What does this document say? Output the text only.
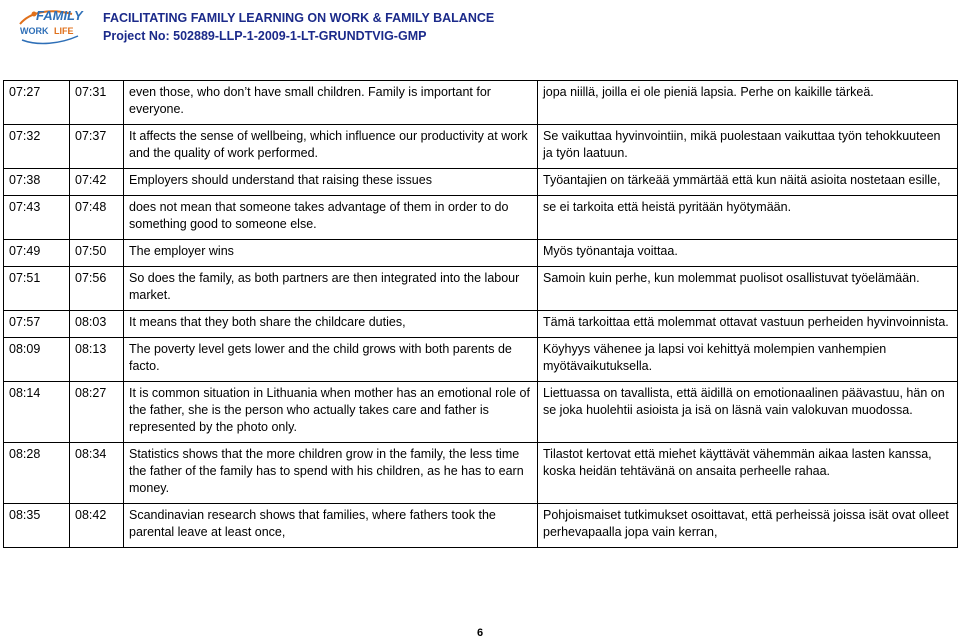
FAMILY
WORK LIFE
FACILITATING FAMILY LEARNING ON WORK & FAMILY BALANCE
Project No: 502889-LLP-1-2009-1-LT-GRUNDTVIG-GMP
07:27	07:31	even those, who don’t have small children. Family is important for everyone.	jopa niillä, joilla ei ole pieniä lapsia. Perhe on kaikille tärkeä.
07:32	07:37	It affects the sense of wellbeing, which influence our productivity at work and the quality of work performed.	Se vaikuttaa hyvinvointiin, mikä puolestaan vaikuttaa työn tehokkuuteen ja työn laatuun.
07:38	07:42	Employers should understand that raising these issues	Työantajien on tärkeää ymmärtää että kun näitä asioita nostetaan esille,
07:43	07:48	does not mean that someone takes advantage of them in order to do something good to someone else.	se ei tarkoita että heistä pyritään hyötymään.
07:49	07:50	The employer wins	Myös työnantaja voittaa.
07:51	07:56	So does the family, as both partners are then integrated into the labour market.	Samoin kuin perhe, kun molemmat puolisot osallistuvat työelämään.
07:57	08:03	It means that they both share the childcare duties,	Tämä tarkoittaa että molemmat ottavat vastuun perheiden hyvinvoinnista.
08:09	08:13	The poverty level gets lower and the child grows with both parents de facto.	Köyhyys vähenee ja lapsi voi kehittyä molempien vanhempien myötävaikutuksella.
08:14	08:27	It is common situation in Lithuania when mother has an emotional role of the father, she is the person who actually takes care and father is represented by the photo only.	Liettuassa on tavallista, että äidillä on emotionaalinen päävastuu, hän on se joka huolehtii asioista ja isä on läsnä vain valokuvan muodossa.
08:28	08:34	Statistics shows that the more children grow in the family, the less time the father of the family has to spend with his children, as he has to earn money.	Tilastot kertovat että miehet käyttävät vähemmän aikaa lasten kanssa, koska heidän tehtävänä on ansaita perheelle rahaa.
08:35	08:42	Scandinavian research shows that families, where fathers took the parental leave at least once,	Pohjoismaiset tutkimukset osoittavat, että perheissä joissa isät ovat olleet perhevapaalla jopa vain kerran,
6
